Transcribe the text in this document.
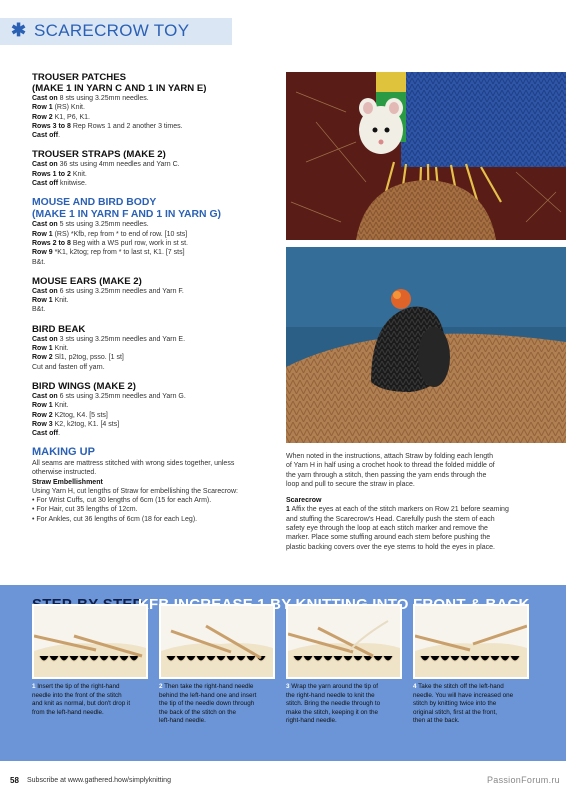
✱ SCARECROW TOY
TROUSER PATCHES
(MAKE 1 IN YARN C AND 1 IN YARN E)
Cast on 8 sts using 3.25mm needles.
Row 1 (RS) Knit.
Row 2 K1, P6, K1.
Rows 3 to 8 Rep Rows 1 and 2 another 3 times.
Cast off.
TROUSER STRAPS (MAKE 2)
Cast on 36 sts using 4mm needles and Yarn C.
Rows 1 to 2 Knit.
Cast off knitwise.
MOUSE AND BIRD BODY
(MAKE 1 IN YARN F AND 1 IN YARN G)
Cast on 5 sts using 3.25mm needles.
Row 1 (RS) *Kfb, rep from * to end of row. [10 sts]
Rows 2 to 8 Beg with a WS purl row, work in st st.
Row 9 *K1, k2tog; rep from * to last st, K1. [7 sts]
B&t.
MOUSE EARS (MAKE 2)
Cast on 6 sts using 3.25mm needles and Yarn F.
Row 1 Knit.
B&t.
BIRD BEAK
Cast on 3 sts using 3.25mm needles and Yarn E.
Row 1 Knit.
Row 2 Sl1, p2tog, psso. [1 st]
Cut and fasten off yarn.
BIRD WINGS (MAKE 2)
Cast on 6 sts using 3.25mm needles and Yarn G.
Row 1 Knit.
Row 2 K2tog, K4. [5 sts]
Row 3 K2, k2tog, K1. [4 sts]
Cast off.
MAKING UP
All seams are mattress stitched with wrong sides together, unless
otherwise instructed.
Straw Embellishment
Using Yarn H, cut lengths of Straw for embellishing the Scarecrow:
• For Wrist Cuffs, cut 30 lengths of 6cm (15 for each Arm).
• For Hair, cut 35 lengths of 12cm.
• For Ankles, cut 36 lengths of 6cm (18 for each Leg).
When noted in the instructions, attach Straw by folding each length
of Yarn H in half using a crochet hook to thread the folded middle of
the yarn through a stitch, then passing the yarn ends through the
loop and pull to secure the straw in place.
Scarecrow
1 Affix the eyes at each of the stitch markers on Row 21 before seaming
and stuffing the Scarecrow's Head. Carefully push the stem of each
safety eye through the loop at each stitch marker and remove the
marker. Place some stuffing around each stem before pushing the
plastic backing covers over the eye stems to hold the eyes in place.
KFB BY
1 Insert the tip of the right-hand
needle into the front of the stitch
and knit as normal, but don't drop it
from the left-hand needle.
2 Then take the right-hand needle
behind the left-hand one and insert
the tip of the needle down through
the back of the stitch on the
left-hand needle.
3 Wrap the yarn around the tip of
the right-hand needle to knit the
stitch. Bring the needle through to
make the stitch, keeping it on the
right-hand needle.
4 Take the stitch off the left-hand
needle. You will have increased one
stitch by knitting twice into the
original stitch, first at the front,
then at the back.
58 Subscribe at www.gathered.how/simplyknitting	PassionForum.ru
